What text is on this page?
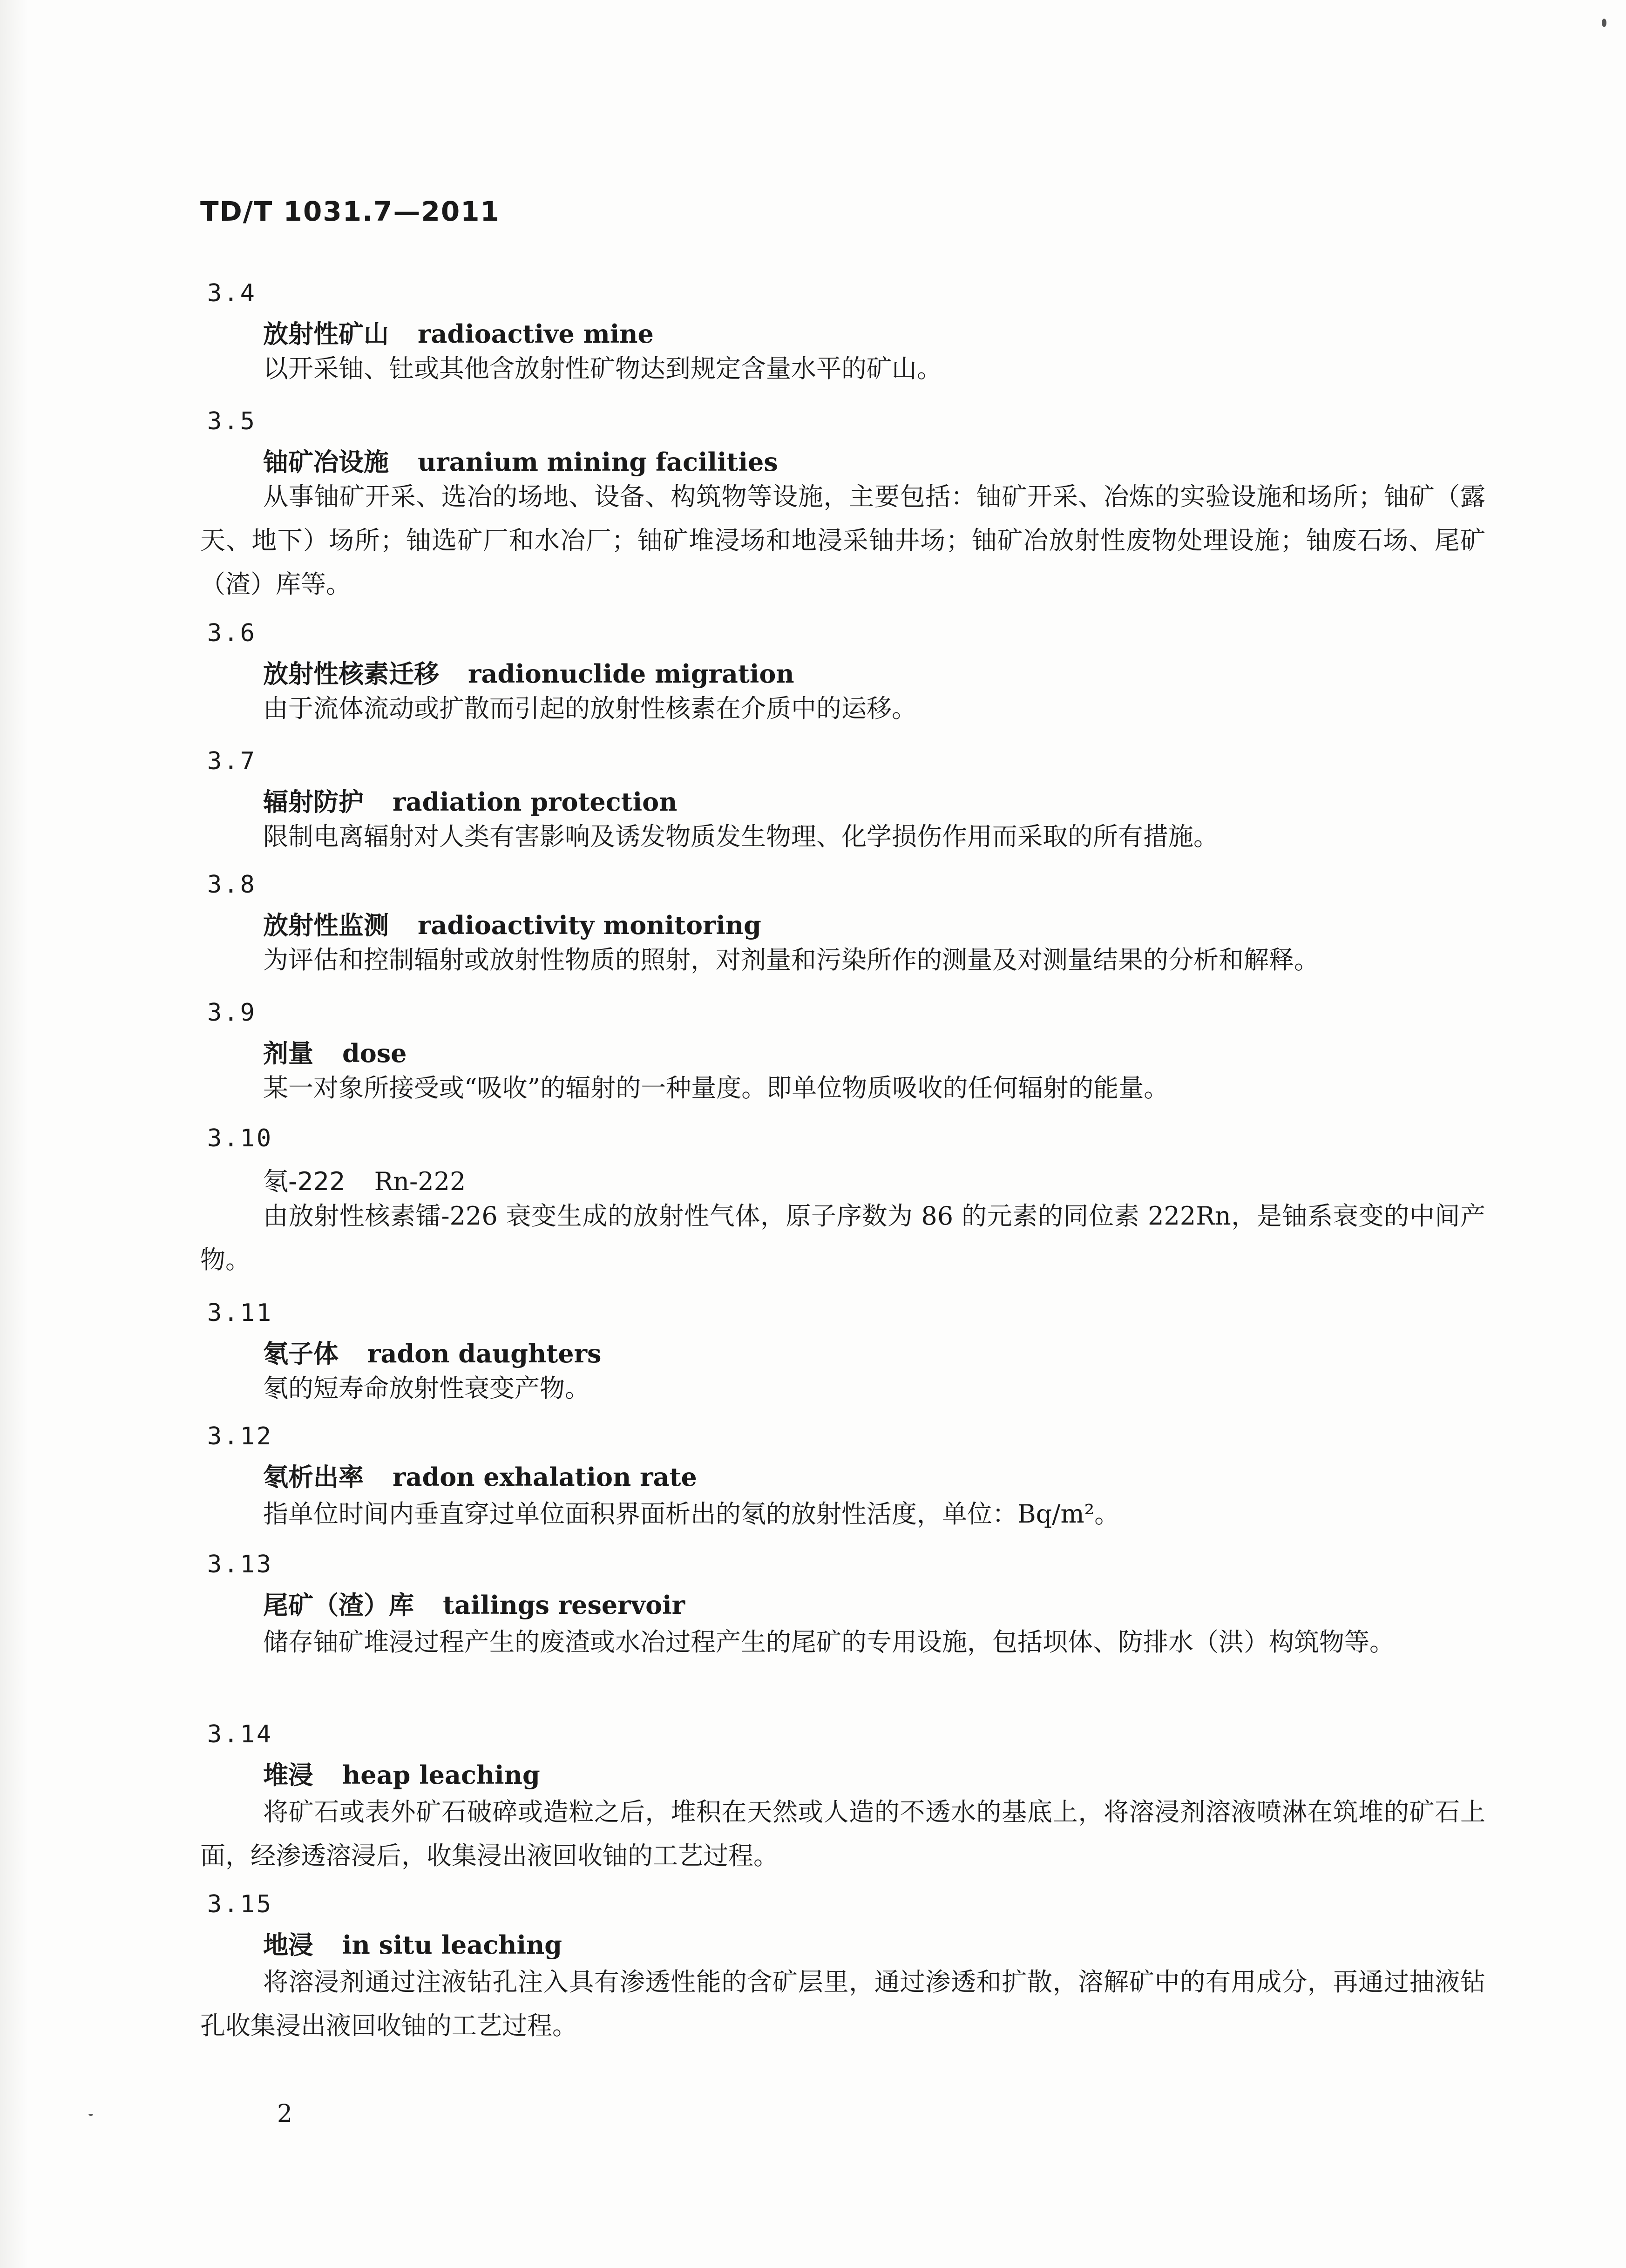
TD/T 1031.7—2011
3.4
放射性矿山 radioactive mine
以开采铀、钍或其他含放射性矿物达到规定含量水平的矿山。
3.5
铀矿冶设施 uranium mining facilities
从事铀矿开采、选冶的场地、设备、构筑物等设施，主要包括：铀矿开采、冶炼的实验设施和场所；铀矿（露天、地下）场所；铀选矿厂和水冶厂；铀矿堆浸场和地浸采铀井场；铀矿冶放射性废物处理设施；铀废石场、尾矿（渣）库等。
3.6
放射性核素迁移 radionuclide migration
由于流体流动或扩散而引起的放射性核素在介质中的运移。
3.7
辐射防护 radiation protection
限制电离辐射对人类有害影响及诱发物质发生物理、化学损伤作用而采取的所有措施。
3.8
放射性监测 radioactivity monitoring
为评估和控制辐射或放射性物质的照射，对剂量和污染所作的测量及对测量结果的分析和解释。
3.9
剂量 dose
某一对象所接受或“吸收”的辐射的一种量度。即单位物质吸收的任何辐射的能量。
3.10
氡-222 Rn-222
由放射性核素镭-226 衰变生成的放射性气体，原子序数为 86 的元素的同位素 222Rn，是铀系衰变的中间产物。
3.11
氡子体 radon daughters
氡的短寿命放射性衰变产物。
3.12
氡析出率 radon exhalation rate
指单位时间内垂直穿过单位面积界面析出的氡的放射性活度，单位：Bq/m²。
3.13
尾矿（渣）库 tailings reservoir
储存铀矿堆浸过程产生的废渣或水冶过程产生的尾矿的专用设施，包括坝体、防排水（洪）构筑物等。
3.14
堆浸 heap leaching
将矿石或表外矿石破碎或造粒之后，堆积在天然或人造的不透水的基底上，将溶浸剂溶液喷淋在筑堆的矿石上面，经渗透溶浸后，收集浸出液回收铀的工艺过程。
3.15
地浸 in situ leaching
将溶浸剂通过注液钻孔注入具有渗透性能的含矿层里，通过渗透和扩散，溶解矿中的有用成分，再通过抽液钻孔收集浸出液回收铀的工艺过程。
2
